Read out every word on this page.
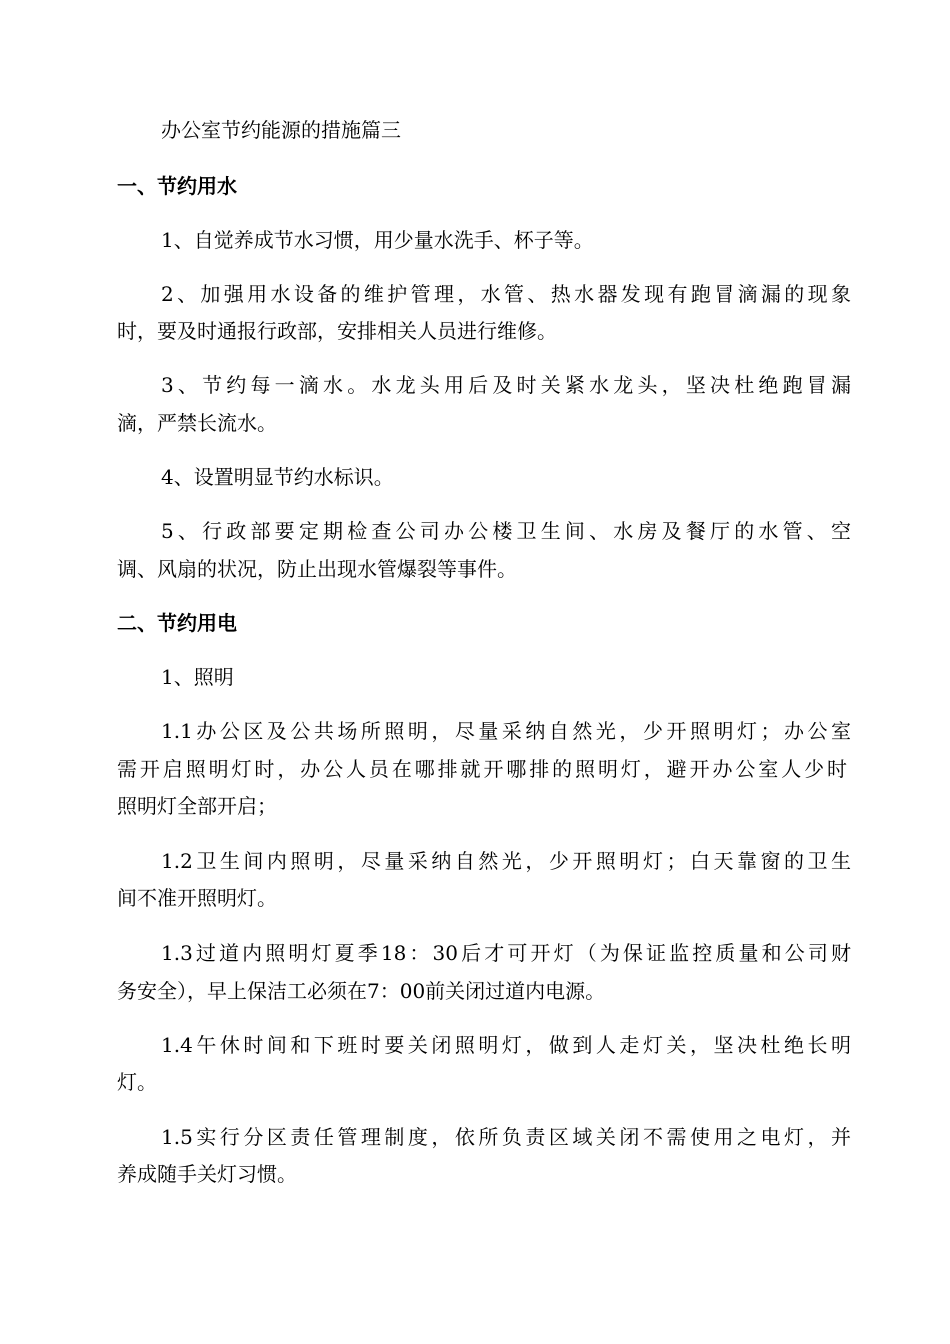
办公室节约能源的措施篇三
一、节约用水
1、自觉养成节水习惯，用少量水洗手、杯子等。
2、加强用水设备的维护管理，水管、热水器发现有跑冒滴漏的现象
时，要及时通报行政部，安排相关人员进行维修。
3、节约每一滴水。水龙头用后及时关紧水龙头，坚决杜绝跑冒漏
滴，严禁长流水。
4、设置明显节约水标识。
5、行政部要定期检查公司办公楼卫生间、水房及餐厅的水管、空
调、风扇的状况，防止出现水管爆裂等事件。
二、节约用电
1、照明
1.1办公区及公共场所照明，尽量采纳自然光，少开照明灯；办公室
需开启照明灯时，办公人员在哪排就开哪排的照明灯，避开办公室人少时
照明灯全部开启；
1.2卫生间内照明，尽量采纳自然光，少开照明灯；白天靠窗的卫生
间不准开照明灯。
1.3过道内照明灯夏季18：30后才可开灯（为保证监控质量和公司财
务安全），早上保洁工必须在7：00前关闭过道内电源。
1.4午休时间和下班时要关闭照明灯，做到人走灯关，坚决杜绝长明
灯。
1.5实行分区责任管理制度，依所负责区域关闭不需使用之电灯，并
养成随手关灯习惯。
